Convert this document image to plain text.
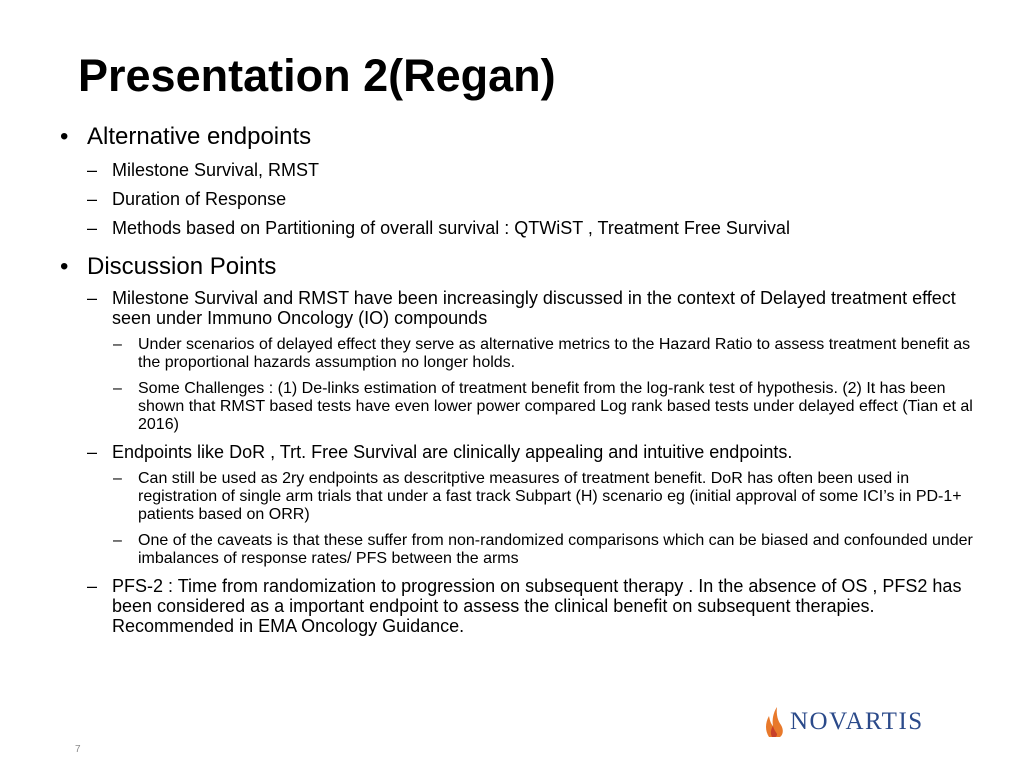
Presentation 2(Regan)

• Alternative endpoints

– Milestone Survival, RMST

– Duration of Response

– Methods based on Partitioning of overall survival : QTWiST , Treatment Free Survival

• Discussion Points

– Milestone Survival and RMST have been increasingly discussed in the context of Delayed treatment effect seen under Immuno Oncology (IO) compounds

– Under scenarios of delayed effect they serve as alternative metrics to the Hazard Ratio to assess treatment benefit as the proportional hazards assumption no longer holds.

– Some Challenges : (1) De-links estimation of treatment benefit from the log-rank test of hypothesis. (2) It has been shown that RMST based tests have even lower power compared Log rank based tests under delayed effect (Tian et al 2016)

– Endpoints like DoR , Trt. Free Survival are clinically appealing and intuitive endpoints.

– Can still be used as 2ry endpoints as descritptive measures of treatment benefit. DoR has often been used in registration of single arm trials that under a fast track Subpart (H) scenario eg (initial approval of some ICI’s in PD-1+ patients based on ORR)

– One of the caveats is that these suffer from non-randomized comparisons which can be biased and confounded under imbalances of response rates/ PFS between the arms

– PFS-2 : Time from randomization to progression on subsequent therapy . In the absence of OS , PFS2 has been considered as a important endpoint to assess the clinical benefit on subsequent therapies. Recommended in EMA Oncology Guidance.

7
NOVARTIS
